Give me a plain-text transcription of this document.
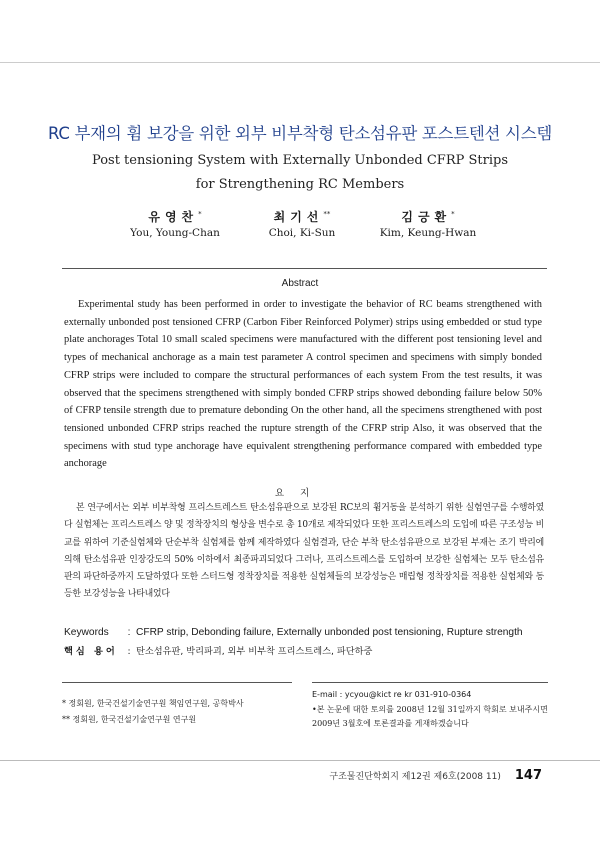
RC 부재의 휨 보강을 위한 외부 비부착형 탄소섬유판 포스트텐션 시스템
Post tensioning System with Externally Unbonded CFRP Strips
for Strengthening RC Members
유영찬*
You, Young-Chan
최기선**
Choi, Ki-Sun
김긍환*
Kim, Keung-Hwan
Abstract
Experimental study has been performed in order to investigate the behavior of RC beams strengthened with externally unbonded post tensioned CFRP (Carbon Fiber Reinforced Polymer) strips using embedded or stud type plate anchorages Total 10 small scaled specimens were manufactured with the different post tensioning level and types of mechanical anchorage as a main test parameter A control specimen and specimens with simply bonded CFRP strips were included to compare the structural performances of each system From the test results, it was observed that the specimens strengthened with simply bonded CFRP strips showed debonding failure below 50% of CFRP tensile strength due to premature debonding On the other hand, all the specimens strengthened with post tensioned unbonded CFRP strips reached the rupture strength of the CFRP strip Also, it was observed that the specimens with stud type anchorage have equivalent strengthening performance compared with embedded type anchorage
요지
본 연구에서는 외부 비부착형 프리스트레스트 탄소섬유판으로 보강된 RC보의 휨거동을 분석하기 위한 실험연구를 수행하였다 실험체는 프리스트레스 양 및 정착장치의 형상을 변수로 총 10개로 제작되었다 또한 프리스트레스의 도입에 따른 구조성능 비교를 위하여 기준실험체와 단순부착 실험체를 함께 제작하였다 실험결과, 단순 부착 탄소섬유판으로 보강된 부재는 조기 박리에 의해 탄소섬유판 인장강도의 50% 이하에서 최종파괴되었다 그러나, 프리스트레스를 도입하여 보강한 실험체는 모두 탄소섬유판의 파단하중까지 도달하였다 또한 스터드형 정착장치를 적용한 실험체들의 보강성능은 매립형 정착장치를 적용한 실험체와 동등한 보강성능을 나타내었다
Keywords : CFRP strip, Debonding failure, Externally unbonded post tensioning, Rupture strength
핵심 용어 : 탄소섬유판, 박리파괴, 외부 비부착 프리스트레스, 파단하중
* 정회원, 한국건설기술연구원 책임연구원, 공학박사
** 정회원, 한국건설기술연구원 연구원
E-mail : ycyou@kict re kr 031-910-0364
•본 논문에 대한 토의를 2008년 12월 31일까지 학회로 보내주시면 2009년 3월호에 토론결과를 게재하겠습니다
구조물진단학회지 제12권 제6호(2008 11) 147
